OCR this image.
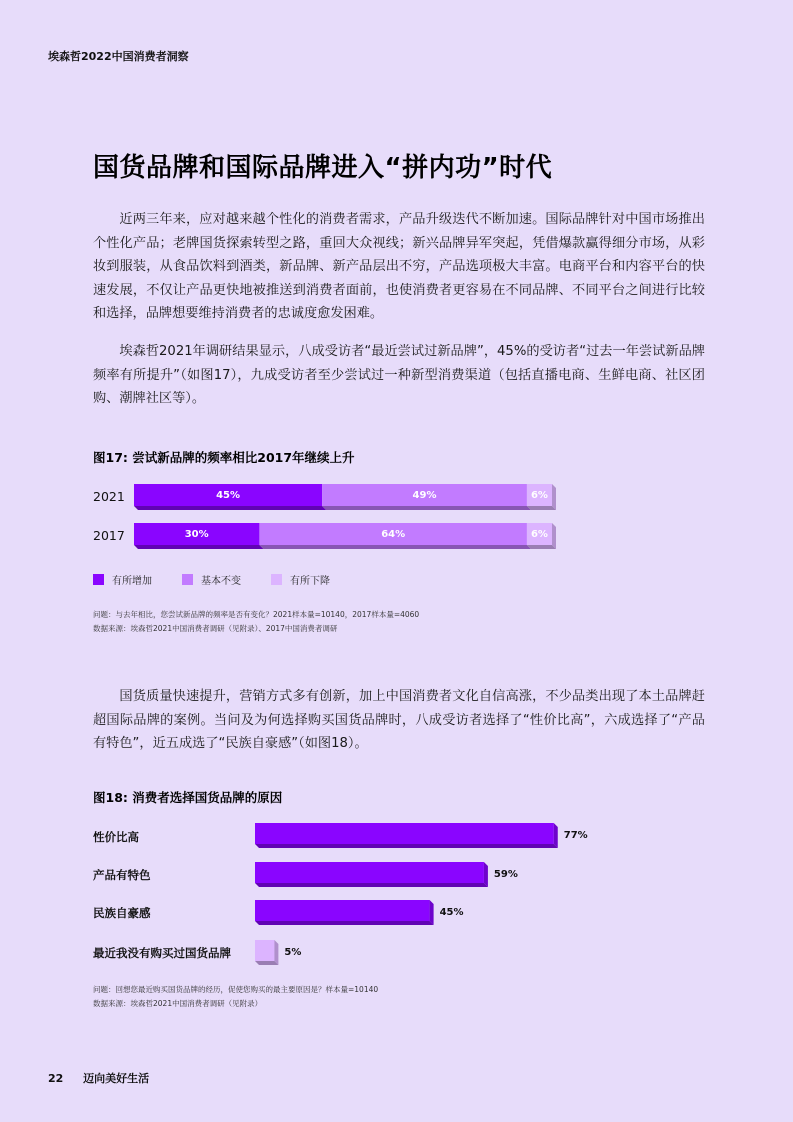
埃森哲2022中国消费者洞察
国货品牌和国际品牌进入“拼内功”时代

近两三年来，应对越来越个性化的消费者需求，产品升级迭代不断加速。国际品牌针对中国市场推出个性化产品；老牌国货探索转型之路，重回大众视线；新兴品牌异军突起，凭借爆款赢得细分市场，从彩妆到服装，从食品饮料到酒类，新品牌、新产品层出不穷，产品选项极大丰富。电商平台和内容平台的快速发展，不仅让产品更快地被推送到消费者面前，也使消费者更容易在不同品牌、不同平台之间进行比较和选择，品牌想要维持消费者的忠诚度愈发困难。

埃森哲2021年调研结果显示，八成受访者“最近尝试过新品牌”，45%的受访者“过去一年尝试新品牌频率有所提升”（如图17），九成受访者至少尝试过一种新型消费渠道（包括直播电商、生鲜电商、社区团购、潮牌社区等）。

图17: 尝试新品牌的频率相比2017年继续上升
2021
2017
45%	49%	6%
30%	64%	6%
有所增加	基本不变	有所下降
问题：与去年相比，您尝试新品牌的频率是否有变化？2021样本量=10140，2017样本量=4060
数据来源：埃森哲2021中国消费者调研（见附录）、2017中国消费者调研

国货质量快速提升，营销方式多有创新，加上中国消费者文化自信高涨，不少品类出现了本土品牌赶超国际品牌的案例。当问及为何选择购买国货品牌时，八成受访者选择了“性价比高”，六成选择了“产品有特色”，近五成选了“民族自豪感”（如图18）。

图18: 消费者选择国货品牌的原因
性价比高
产品有特色
民族自豪感
最近我没有购买过国货品牌
77%
59%
45%
5%
问题：回想您最近购买国货品牌的经历，促使您购买的最主要原因是？样本量=10140
数据来源：埃森哲2021中国消费者调研（见附录）
22 迈向美好生活
